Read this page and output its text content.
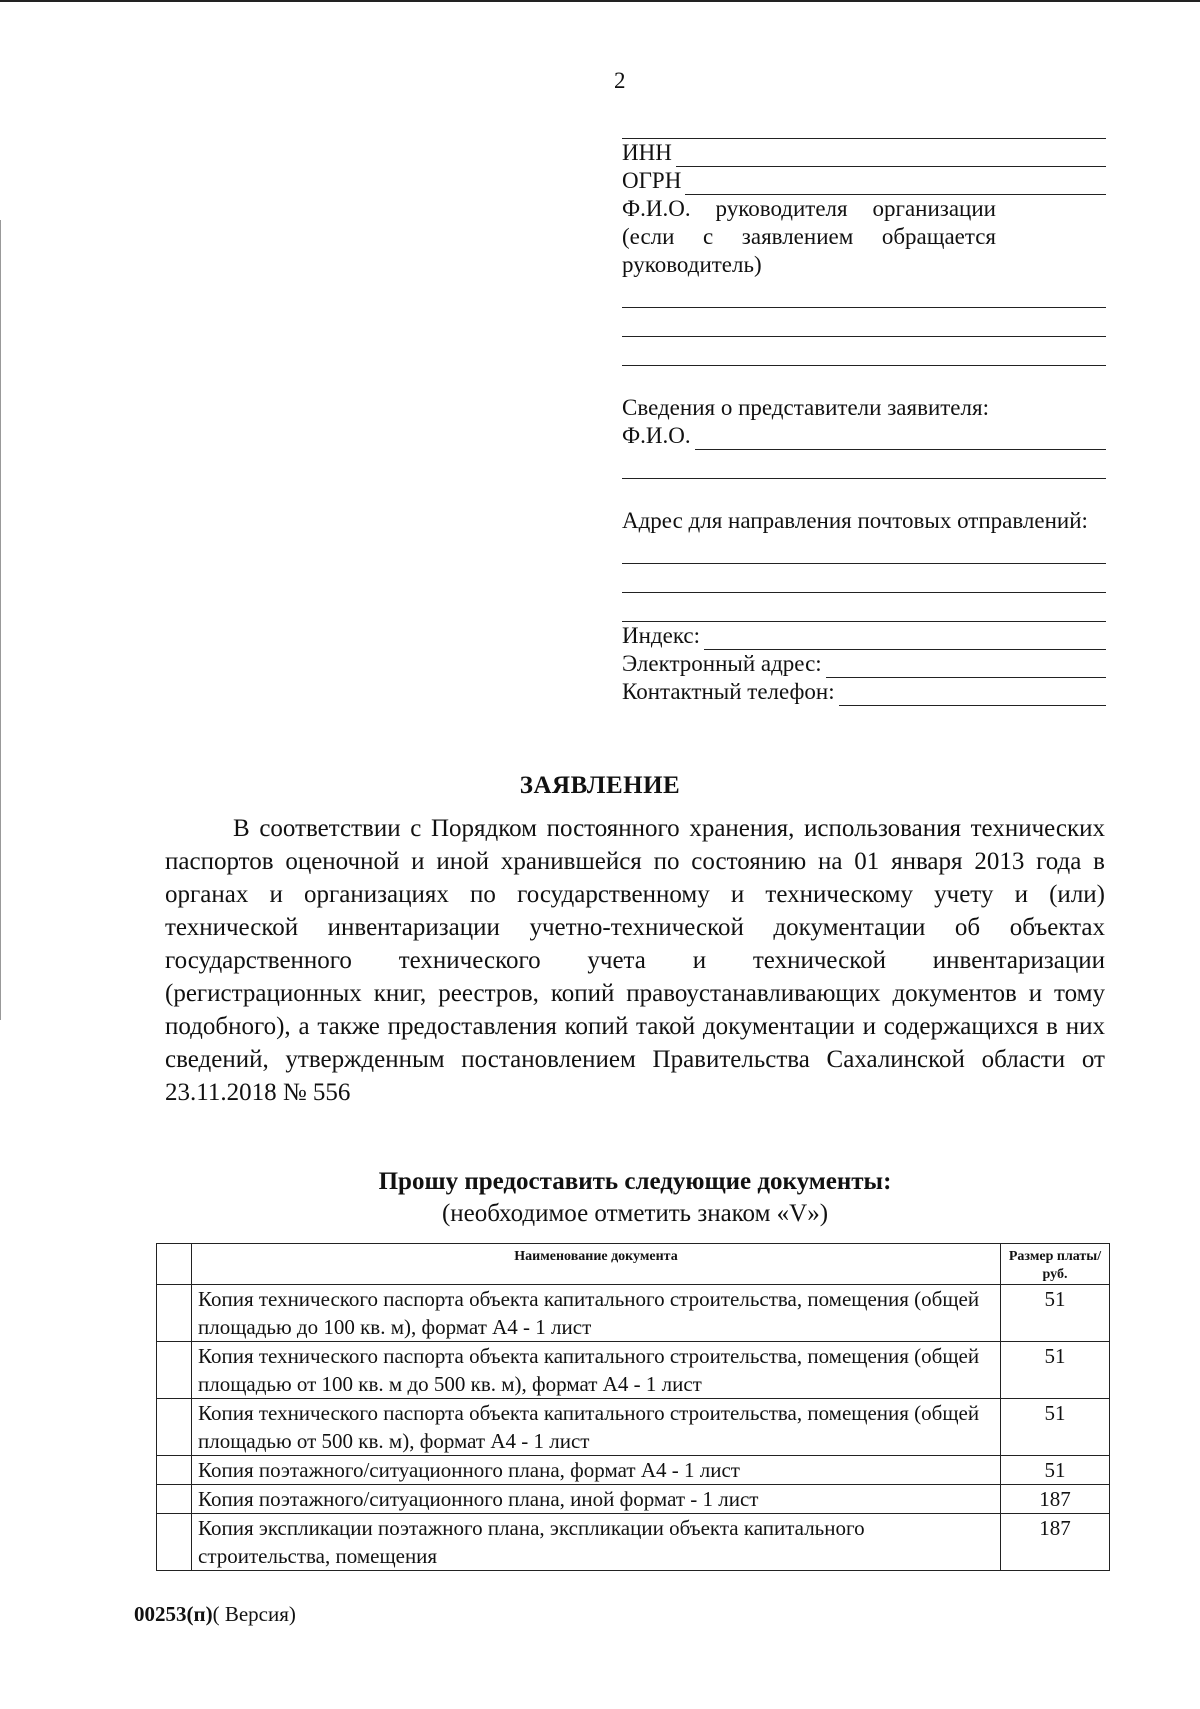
2
ИНН
ОГРН
Ф.И.О. руководителя организации (если с заявлением обращается руководитель)
Сведения о представители заявителя:
Ф.И.О.
Адрес для направления почтовых отправлений:
Индекс:
Электронный адрес:
Контактный телефон:
ЗАЯВЛЕНИЕ
В соответствии с Порядком постоянного хранения, использования технических паспортов оценочной и иной хранившейся по состоянию на 01 января 2013 года в органах и организациях по государственному и техническому учету и (или) технической инвентаризации учетно-технической документации об объектах государственного технического учета и технической инвентаризации (регистрационных книг, реестров, копий правоустанавливающих документов и тому подобного), а также предоставления копий такой документации и содержащихся в них сведений, утвержденным постановлением Правительства Сахалинской области от 23.11.2018 № 556
Прошу предоставить следующие документы:
(необходимое отметить знаком «V»)
	Наименование документа	Размер платы/руб.
	Копия технического паспорта объекта капитального строительства, помещения (общей площадью до 100 кв. м), формат А4 - 1 лист	51
	Копия технического паспорта объекта капитального строительства, помещения (общей площадью от 100 кв. м до 500 кв. м), формат А4 - 1 лист	51
	Копия технического паспорта объекта капитального строительства, помещения (общей площадью от 500 кв. м), формат А4 - 1 лист	51
	Копия поэтажного/ситуационного плана, формат А4 - 1 лист	51
	Копия поэтажного/ситуационного плана, иной формат - 1 лист	187
	Копия экспликации поэтажного плана, экспликации объекта капитального строительства, помещения	187
00253(п)( Версия)
